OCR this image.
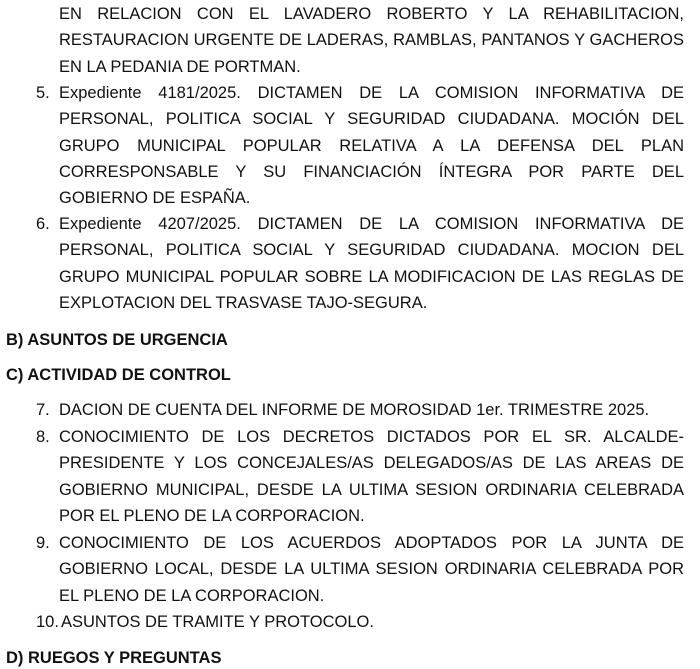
EN RELACION CON EL LAVADERO ROBERTO Y LA REHABILITACION, RESTAURACION URGENTE DE LADERAS, RAMBLAS, PANTANOS Y GACHEROS EN LA PEDANIA DE PORTMAN.

5. Expediente 4181/2025. DICTAMEN DE LA COMISION INFORMATIVA DE PERSONAL, POLITICA SOCIAL Y SEGURIDAD CIUDADANA. MOCIÓN DEL GRUPO MUNICIPAL POPULAR RELATIVA A LA DEFENSA DEL PLAN CORRESPONSABLE Y SU FINANCIACIÓN ÍNTEGRA POR PARTE DEL GOBIERNO DE ESPAÑA.

6. Expediente 4207/2025. DICTAMEN DE LA COMISION INFORMATIVA DE PERSONAL, POLITICA SOCIAL Y SEGURIDAD CIUDADANA. MOCION DEL GRUPO MUNICIPAL POPULAR SOBRE LA MODIFICACION DE LAS REGLAS DE EXPLOTACION DEL TRASVASE TAJO-SEGURA.

B) ASUNTOS DE URGENCIA
C) ACTIVIDAD DE CONTROL

7. DACION DE CUENTA DEL INFORME DE MOROSIDAD 1er. TRIMESTRE 2025.

8. CONOCIMIENTO DE LOS DECRETOS DICTADOS POR EL SR. ALCALDE-PRESIDENTE Y LOS CONCEJALES/AS DELEGADOS/AS DE LAS AREAS DE GOBIERNO MUNICIPAL, DESDE LA ULTIMA SESION ORDINARIA CELEBRADA POR EL PLENO DE LA CORPORACION.

9. CONOCIMIENTO DE LOS ACUERDOS ADOPTADOS POR LA JUNTA DE GOBIERNO LOCAL, DESDE LA ULTIMA SESION ORDINARIA CELEBRADA POR EL PLENO DE LA CORPORACION.

10. ASUNTOS DE TRAMITE Y PROTOCOLO.

D) RUEGOS Y PREGUNTAS
